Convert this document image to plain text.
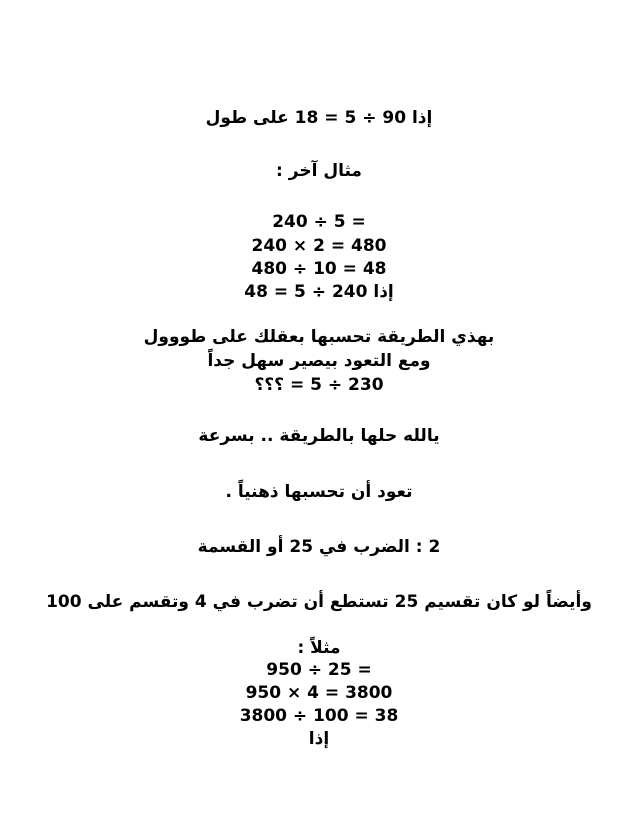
إذا 90 ÷ 5 = 18 على طول
مثال آخر :
240 ÷ 5 =
240 × 2 = 480
480 ÷ 10 = 48
إذا 240 ÷ 5 = 48
بهذي الطريقة تحسبها بعقلك على طووول
ومع التعود بيصير سهل جداً
230 ÷ 5 = ؟؟؟
يالله حلها بالطريقة .. بسرعة
تعود أن تحسبها ذهنياً .
2 : الضرب في 25 أو القسمة
وأيضاً لو كان تقسيم 25 تستطع أن تضرب في 4 وتقسم على 100
مثلاً :
950 ÷ 25 =
950 × 4 = 3800
3800 ÷ 100 = 38
إذا
